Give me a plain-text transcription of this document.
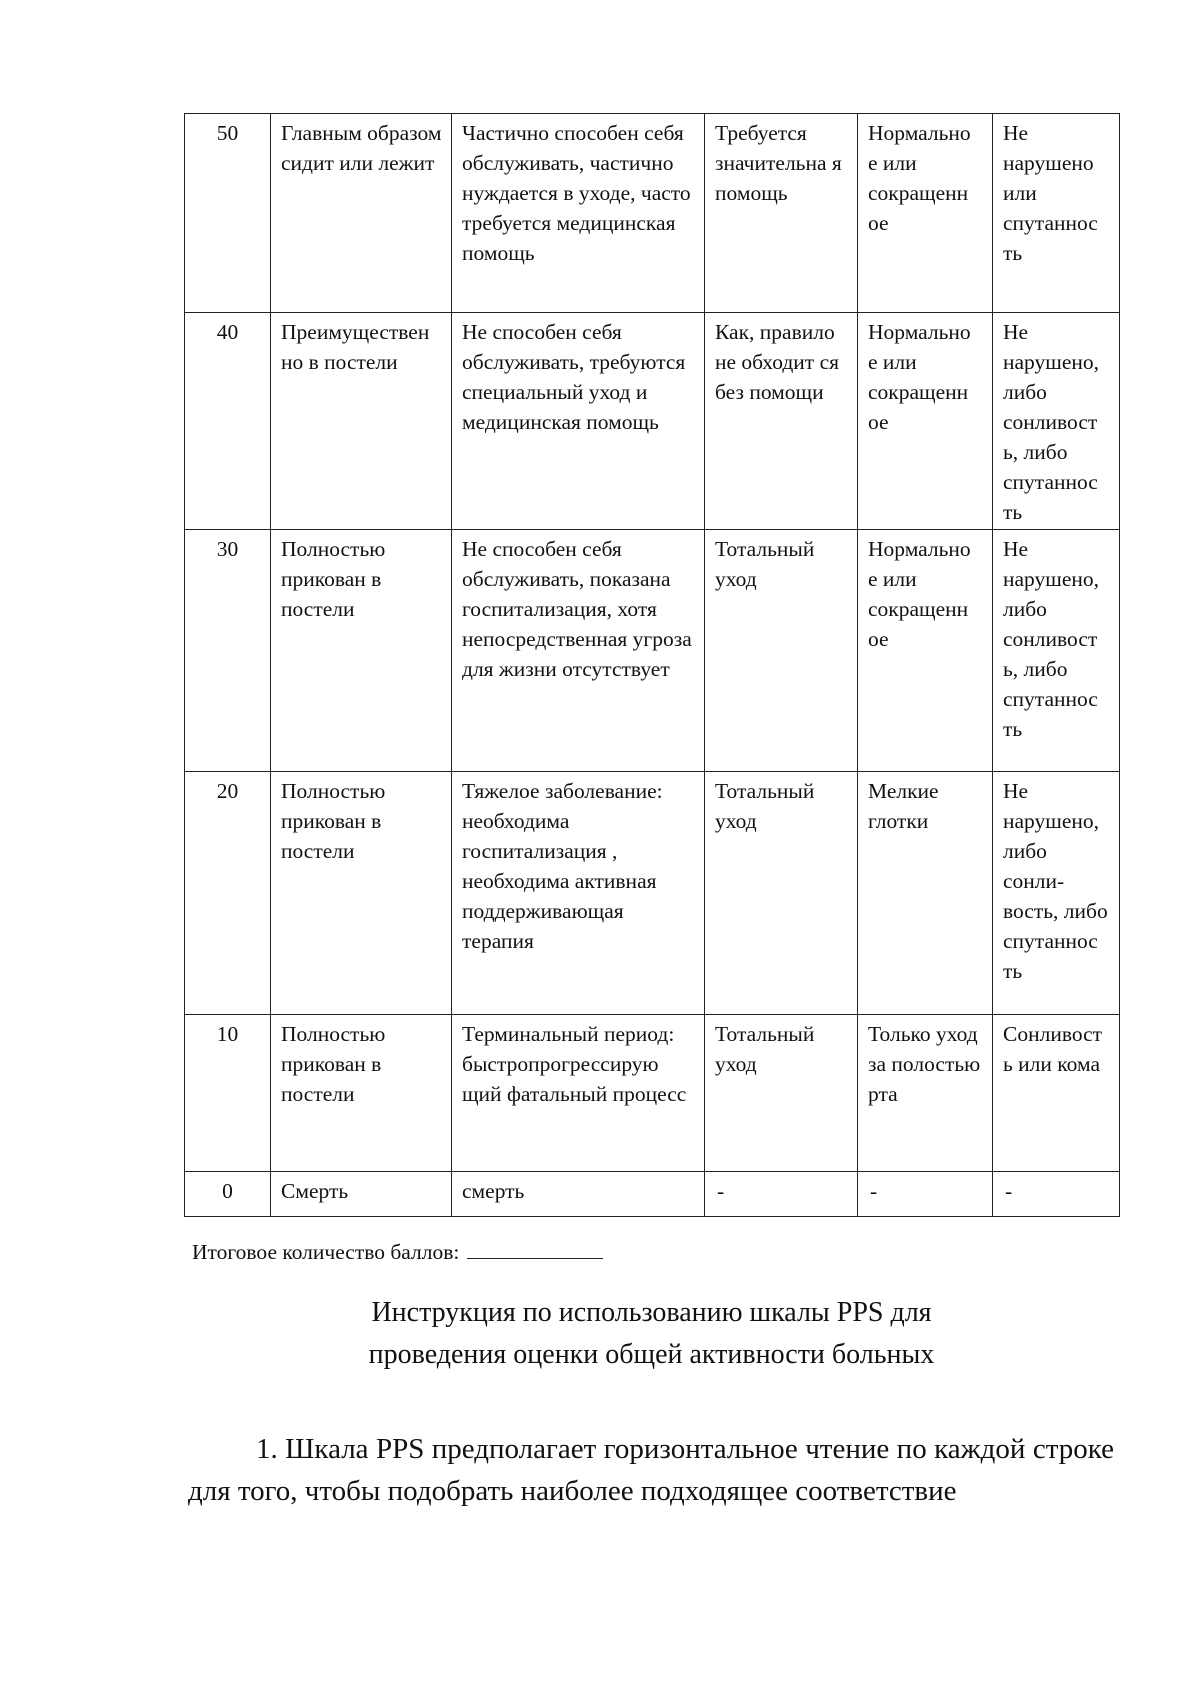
50	Главным образом сидит или лежит	Частично способен себя обслуживать, частично нуждается в уходе, часто требуется медицинская помощь	Требуется значительна я помощь	Нормально е или сокращенн ое	Не нарушено или спутаннос ть
40	Преимуществен но в постели	Не способен себя обслуживать, требуются специальный уход и медицинская помощь	Как, правило не обходит ся без помощи	Нормально е или сокращенн ое	Не нарушено, либо сонливост ь, либо спутаннос ть
30	Полностью прикован в постели	Не способен себя обслуживать, показана госпитализация, хотя непосредственная угроза для жизни отсутствует	Тотальный уход	Нормально е или сокращенн ое	Не нарушено, либо сонливост ь, либо спутаннос ть
20	Полностью прикован в постели	Тяжелое заболевание: необходима госпитализация , необходима активная поддерживающая терапия	Тотальный уход	Мелкие глотки	Не нарушено, либо сонли- вость, либо спутаннос ть
10	Полностью прикован в постели	Терминальный период: быстропрогрессирую щий фатальный процесс	Тотальный уход	Только уход за полостью рта	Сонливост ь или кома
0	Смерть	смерть	-	-	-
Итоговое количество баллов:
Инструкция по использованию шкалы PPS для
проведения оценки общей активности больных
1. Шкала PPS предполагает горизонтальное чтение по каждой строке для того, чтобы подобрать наиболее подходящее соответствие
